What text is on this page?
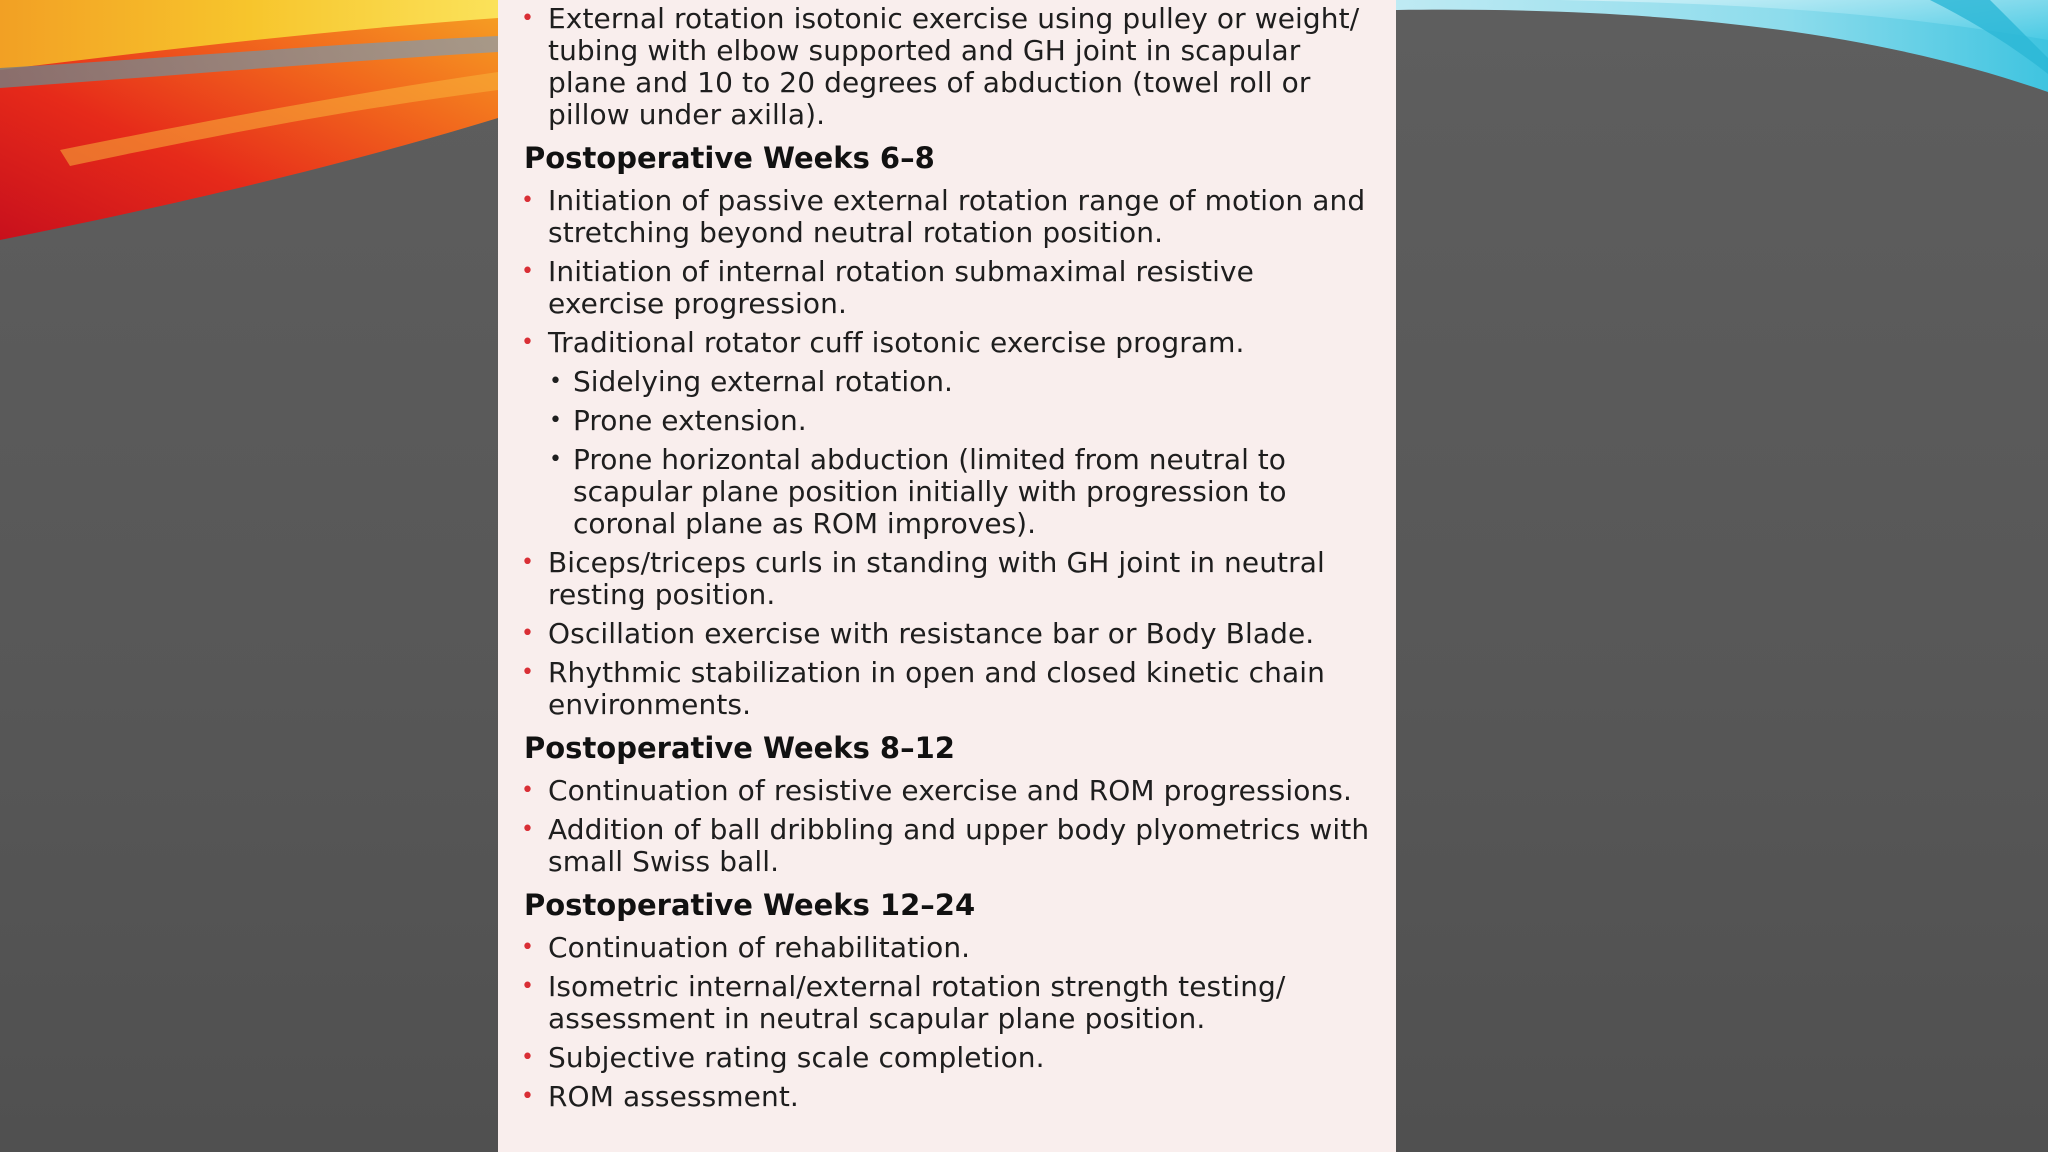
• External rotation isotonic exercise using pulley or weight/ tubing with elbow supported and GH joint in scapular plane and 10 to 20 degrees of abduction (towel roll or pillow under axilla).
Postoperative Weeks 6–8
• Initiation of passive external rotation range of motion and stretching beyond neutral rotation position.
• Initiation of internal rotation submaximal resistive exercise progression.
• Traditional rotator cuff isotonic exercise program.
• Sidelying external rotation.
• Prone extension.
• Prone horizontal abduction (limited from neutral to scapular plane position initially with progression to coronal plane as ROM improves).
• Biceps/triceps curls in standing with GH joint in neutral resting position.
• Oscillation exercise with resistance bar or Body Blade.
• Rhythmic stabilization in open and closed kinetic chain environments.
Postoperative Weeks 8–12
• Continuation of resistive exercise and ROM progressions.
• Addition of ball dribbling and upper body plyometrics with small Swiss ball.
Postoperative Weeks 12–24
• Continuation of rehabilitation.
• Isometric internal/external rotation strength testing/ assessment in neutral scapular plane position.
• Subjective rating scale completion.
• ROM assessment.
